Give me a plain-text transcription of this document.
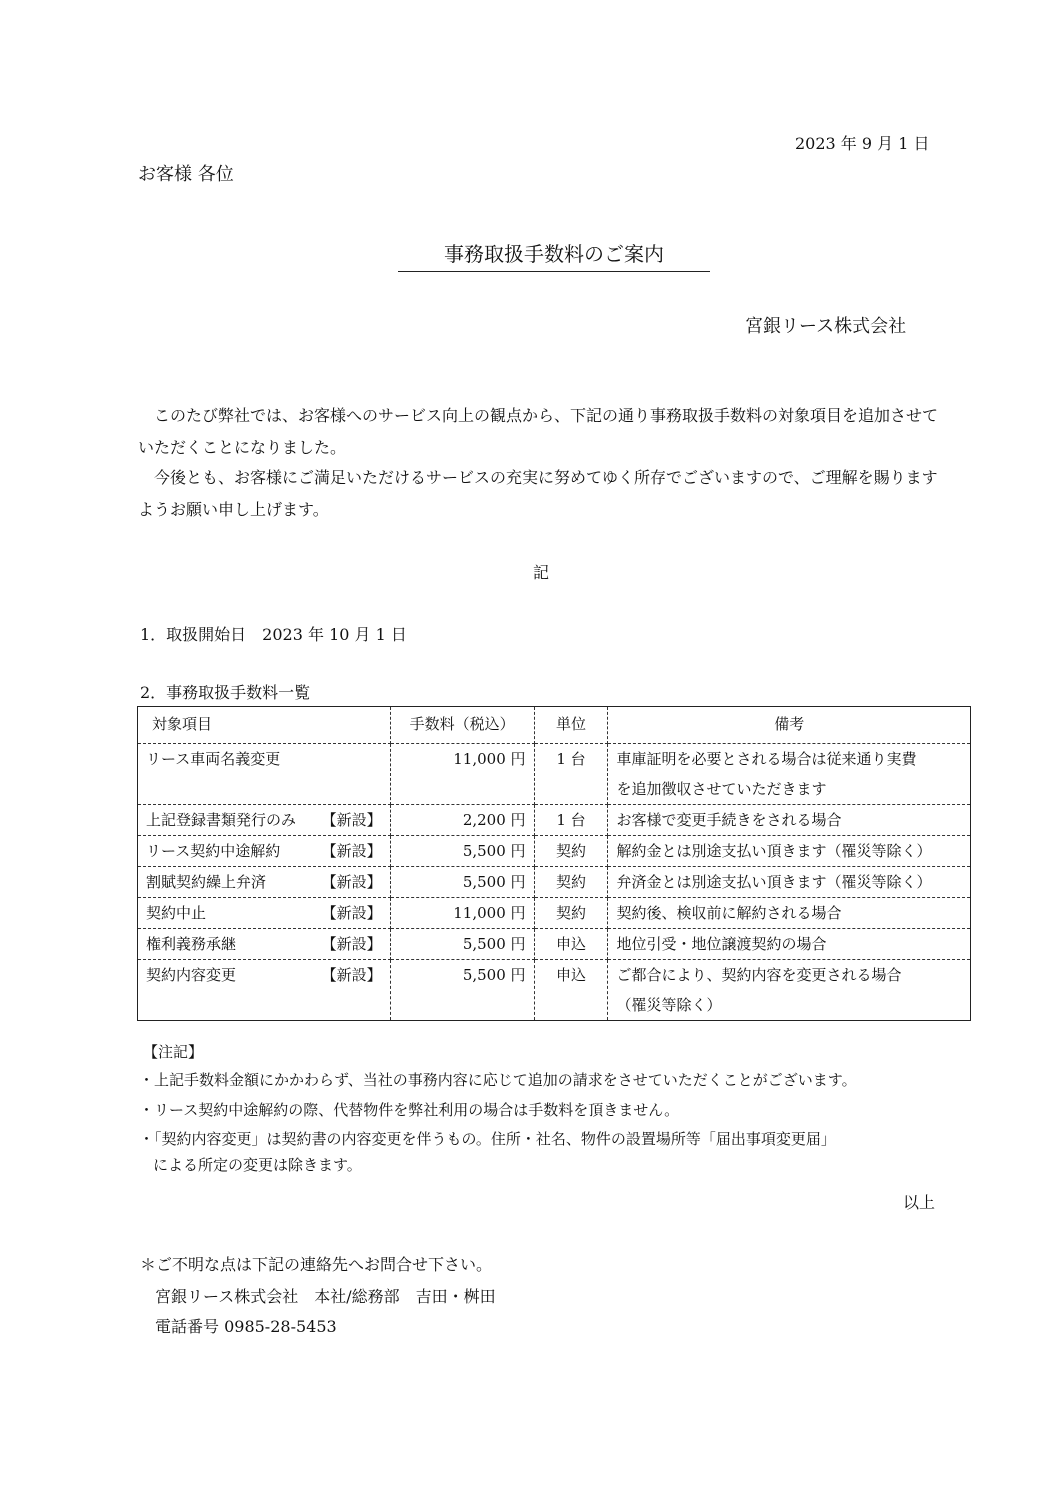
2023 年 9 月 1 日
お客様 各位
事務取扱手数料のご案内
宮銀リース株式会社
このたび弊社では、お客様へのサービス向上の観点から、下記の通り事務取扱手数料の対象項目を追加させていただくことになりました。
今後とも、お客様にご満足いただけるサービスの充実に努めてゆく所存でございますので、ご理解を賜りますようお願い申し上げます。
記
1．取扱開始日　2023 年 10 月 1 日
2．事務取扱手数料一覧
対象項目	手数料（税込）	単位	備考
リース車両名義変更	11,000 円	1 台	車庫証明を必要とされる場合は従来通り実費
を追加徴収させていただきます

上記登録書類発行のみ 【新設】	2,200 円	1 台	お客様で変更手続きをされる場合

リース契約中途解約 【新設】	5,500 円	契約	解約金とは別途支払い頂きます（罹災等除く）

割賦契約繰上弁済 【新設】	5,500 円	契約	弁済金とは別途支払い頂きます（罹災等除く）

契約中止 【新設】	11,000 円	契約	契約後、検収前に解約される場合

権利義務承継 【新設】	5,500 円	申込	地位引受・地位譲渡契約の場合

契約内容変更 【新設】	5,500 円	申込	ご都合により、契約内容を変更される場合
（罹災等除く）
【注記】
・上記手数料金額にかかわらず、当社の事務内容に応じて追加の請求をさせていただくことがございます。
・リース契約中途解約の際、代替物件を弊社利用の場合は手数料を頂きません。
・「契約内容変更」は契約書の内容変更を伴うもの。住所・社名、物件の設置場所等「届出事項変更届」
による所定の変更は除きます。
以上
＊ご不明な点は下記の連絡先へお問合せ下さい。
宮銀リース株式会社　本社/総務部　吉田・桝田
電話番号 0985-28-5453
